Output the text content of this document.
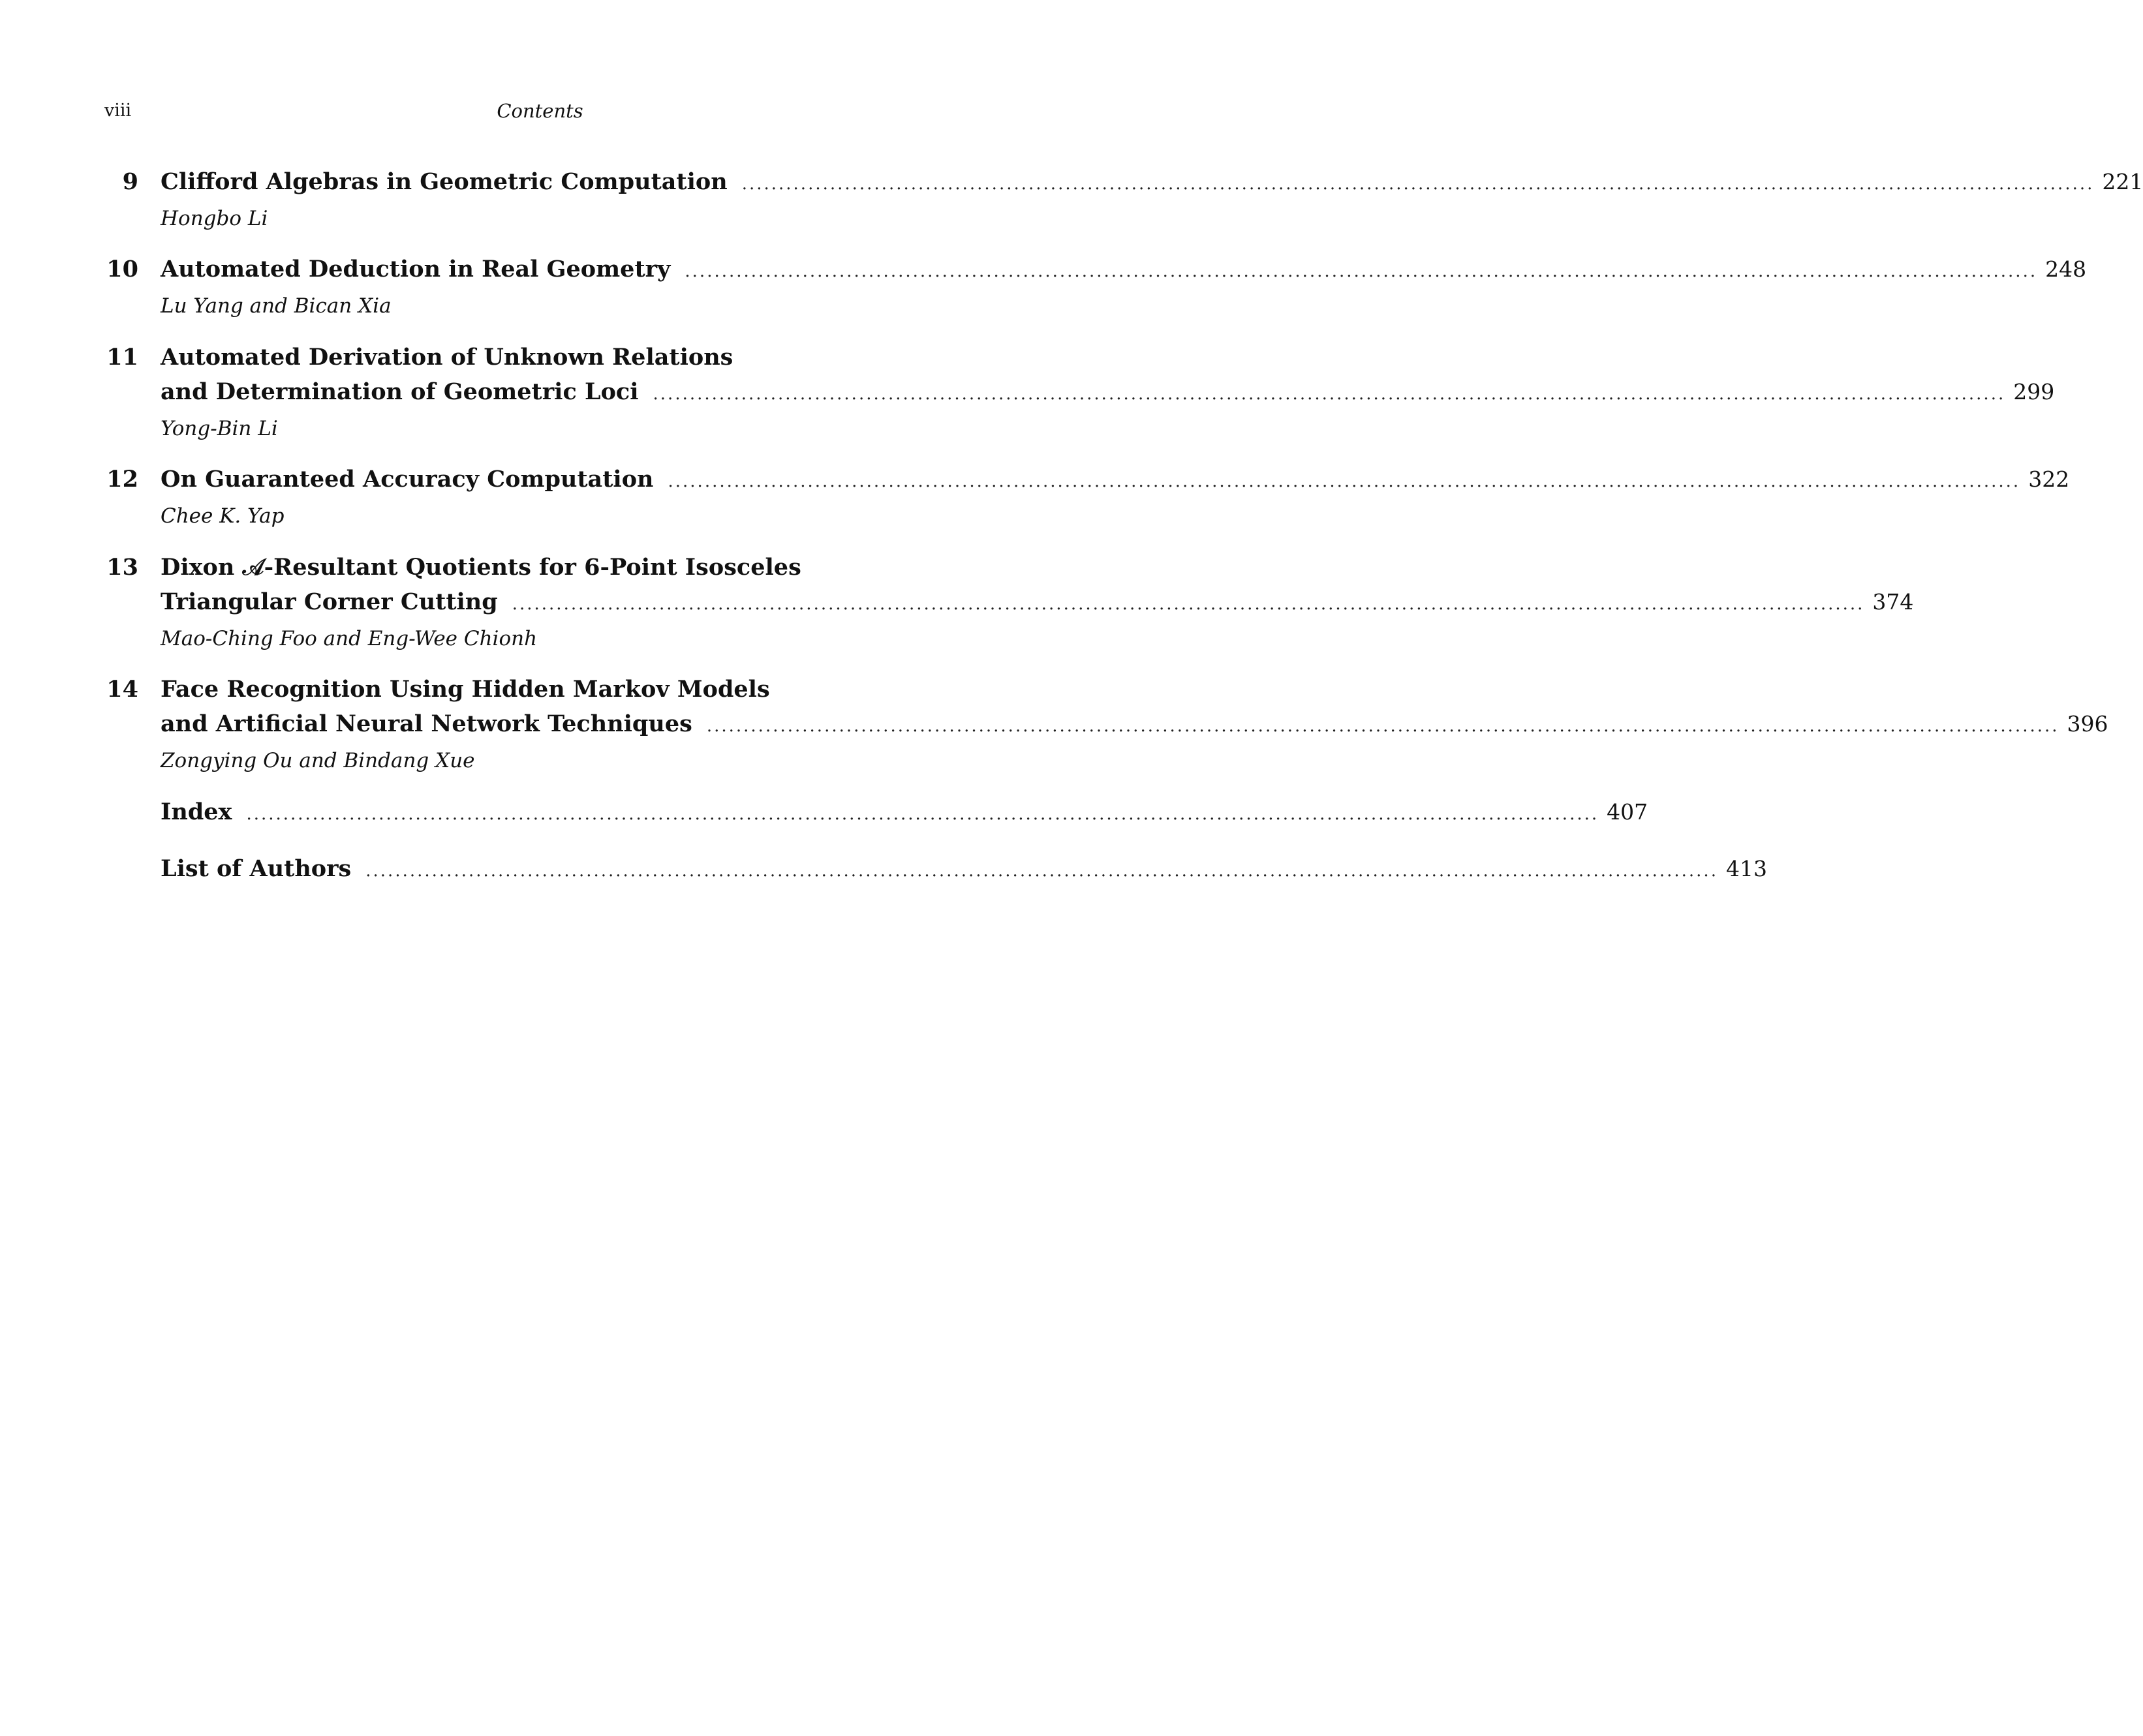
viii	Contents
9 Clifford Algebras in Geometric Computation ........................................................................................................................................................................................ 221
Hongbo Li
10 Automated Deduction in Real Geometry ........................................................................................................................................................................................ 248
Lu Yang and Bican Xia
11 Automated Derivation of Unknown Relations
and Determination of Geometric Loci ........................................................................................................................................................................................ 299
Yong-Bin Li
12 On Guaranteed Accuracy Computation ........................................................................................................................................................................................ 322
Chee K. Yap
13 Dixon 𝒜-Resultant Quotients for 6-Point Isosceles
Triangular Corner Cutting ........................................................................................................................................................................................ 374
Mao-Ching Foo and Eng-Wee Chionh
14 Face Recognition Using Hidden Markov Models
and Artificial Neural Network Techniques ........................................................................................................................................................................................ 396
Zongying Ou and Bindang Xue
Index ........................................................................................................................................................................................ 407
List of Authors ........................................................................................................................................................................................ 413
